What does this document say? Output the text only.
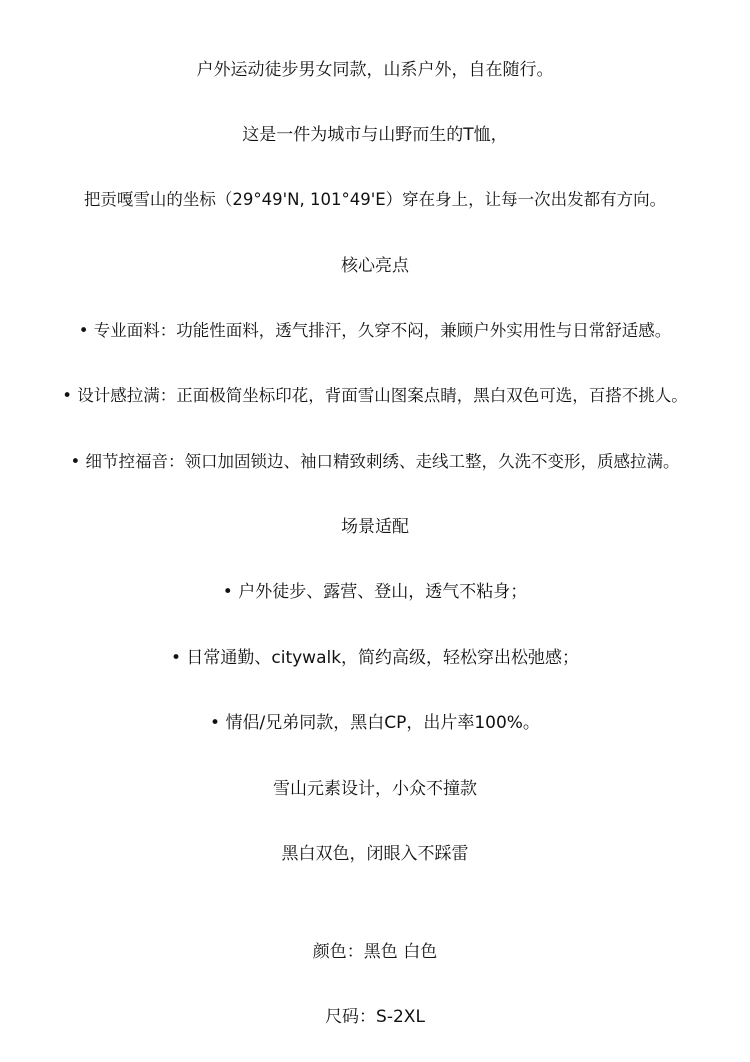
户外运动徒步男女同款，山系户外，自在随行。
这是一件为城市与山野而生的T恤，
把贡嘎雪山的坐标（29°49'N, 101°49'E）穿在身上，让每一次出发都有方向。
核心亮点
• 专业面料：功能性面料，透气排汗，久穿不闷，兼顾户外实用性与日常舒适感。
• 设计感拉满：正面极简坐标印花，背面雪山图案点睛，黑白双色可选，百搭不挑人。
• 细节控福音：领口加固锁边、袖口精致刺绣、走线工整，久洗不变形，质感拉满。
场景适配
• 户外徒步、露营、登山，透气不粘身；
• 日常通勤、citywalk，简约高级，轻松穿出松弛感；
• 情侣/兄弟同款，黑白CP，出片率100%。
雪山元素设计，小众不撞款
黑白双色，闭眼入不踩雷
颜色：黑色 白色
尺码：S-2XL
